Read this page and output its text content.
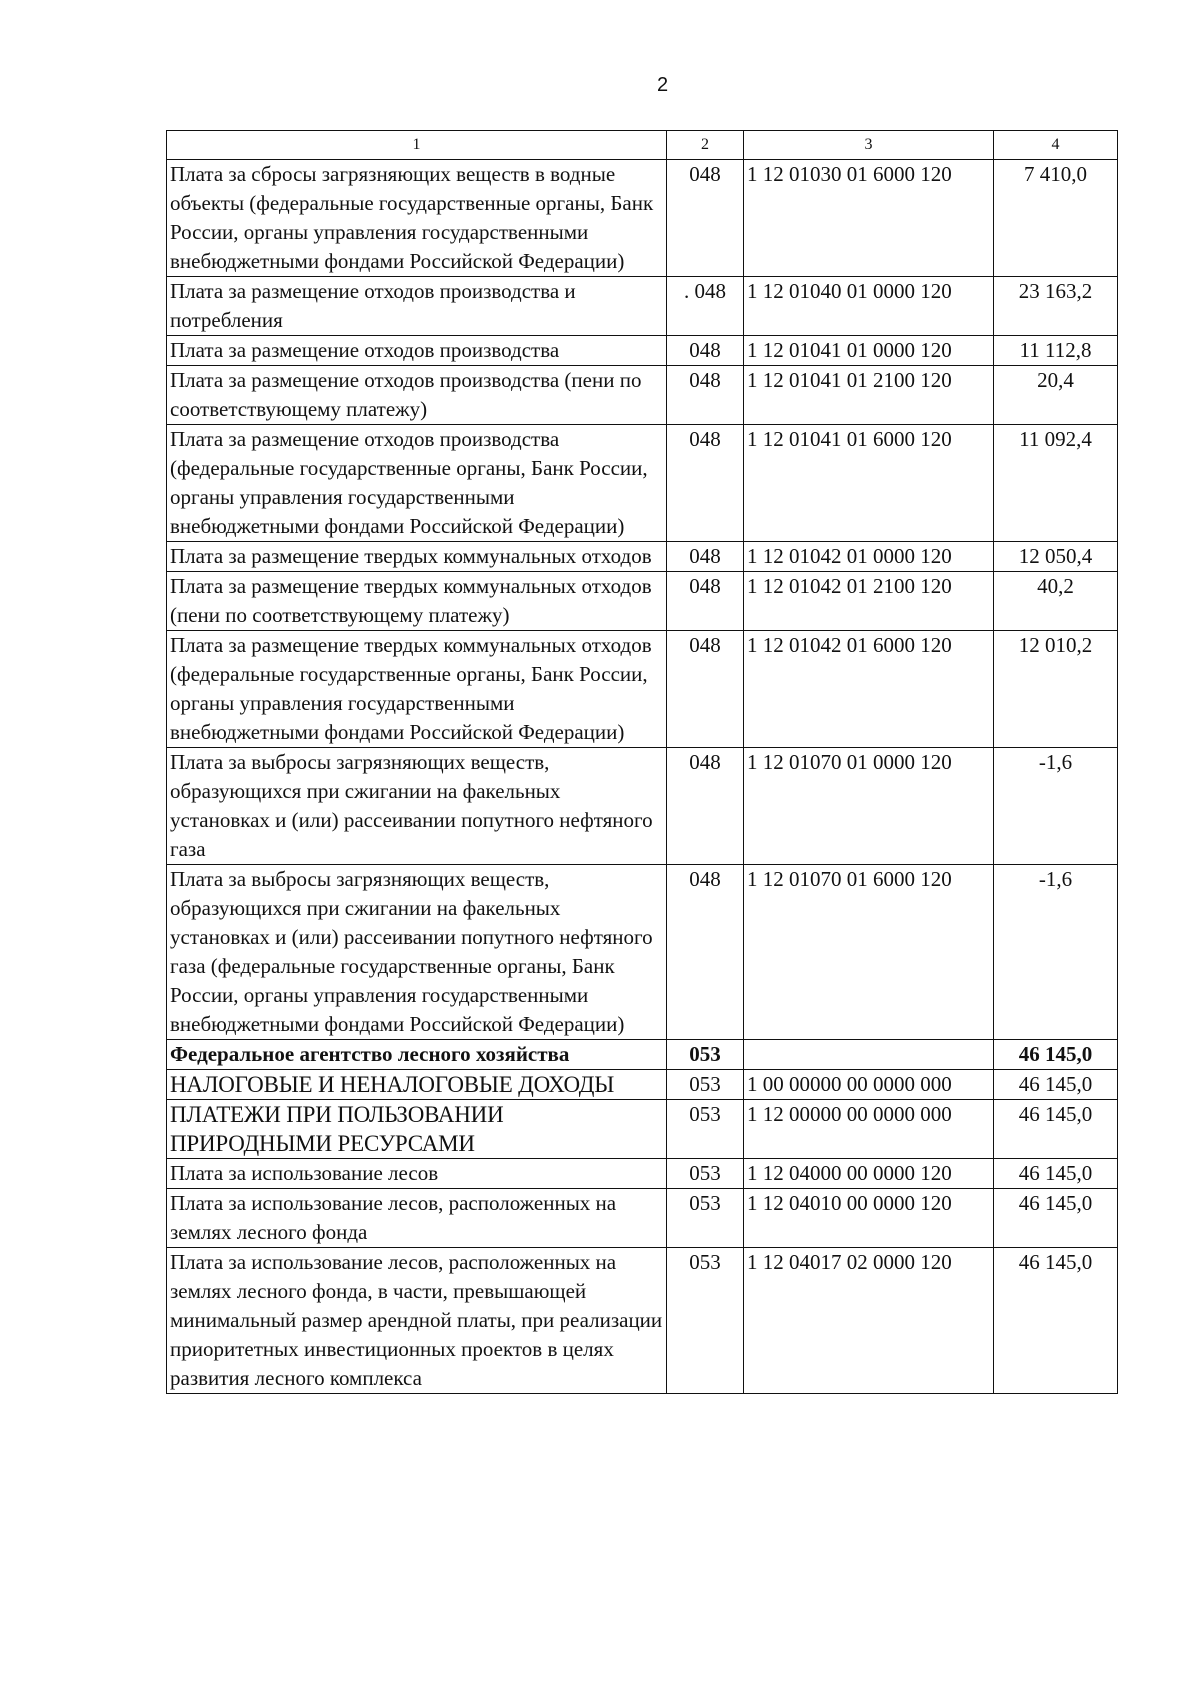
2
1	2	3	4
Плата за сбросы загрязняющих веществ в водные объекты (федеральные государственные органы, Банк России, органы управления государственными внебюджетными фондами Российской Федерации)	048	1 12 01030 01 6000 120	7 410,0
Плата за размещение отходов производства и потребления	. 048	1 12 01040 01 0000 120	23 163,2
Плата за размещение отходов производства	048	1 12 01041 01 0000 120	11 112,8
Плата за размещение отходов производства (пени по соответствующему платежу)	048	1 12 01041 01 2100 120	20,4
Плата за размещение отходов производства (федеральные государственные органы, Банк России, органы управления государственными внебюджетными фондами Российской Федерации)	048	1 12 01041 01 6000 120	11 092,4
Плата за размещение твердых коммунальных отходов	048	1 12 01042 01 0000 120	12 050,4
Плата за размещение твердых коммунальных отходов (пени по соответствующему платежу)	048	1 12 01042 01 2100 120	40,2
Плата за размещение твердых коммунальных отходов (федеральные государственные органы, Банк России, органы управления государственными внебюджетными фондами Российской Федерации)	048	1 12 01042 01 6000 120	12 010,2
Плата за выбросы загрязняющих веществ, образующихся при сжигании на факельных установках и (или) рассеивании попутного нефтяного газа	048	1 12 01070 01 0000 120	-1,6
Плата за выбросы загрязняющих веществ, образующихся при сжигании на факельных установках и (или) рассеивании попутного нефтяного газа (федеральные государственные органы, Банк России, органы управления государственными внебюджетными фондами Российской Федерации)	048	1 12 01070 01 6000 120	-1,6
Федеральное агентство лесного хозяйства	053		46 145,0
НАЛОГОВЫЕ И НЕНАЛОГОВЫЕ ДОХОДЫ	053	1 00 00000 00 0000 000	46 145,0
ПЛАТЕЖИ ПРИ ПОЛЬЗОВАНИИ ПРИРОДНЫМИ РЕСУРСАМИ	053	1 12 00000 00 0000 000	46 145,0
Плата за использование лесов	053	1 12 04000 00 0000 120	46 145,0
Плата за использование лесов, расположенных на землях лесного фонда	053	1 12 04010 00 0000 120	46 145,0
Плата за использование лесов, расположенных на землях лесного фонда, в части, превышающей минимальный размер арендной платы, при реализации приоритетных инвестиционных проектов в целях развития лесного комплекса	053	1 12 04017 02 0000 120	46 145,0
